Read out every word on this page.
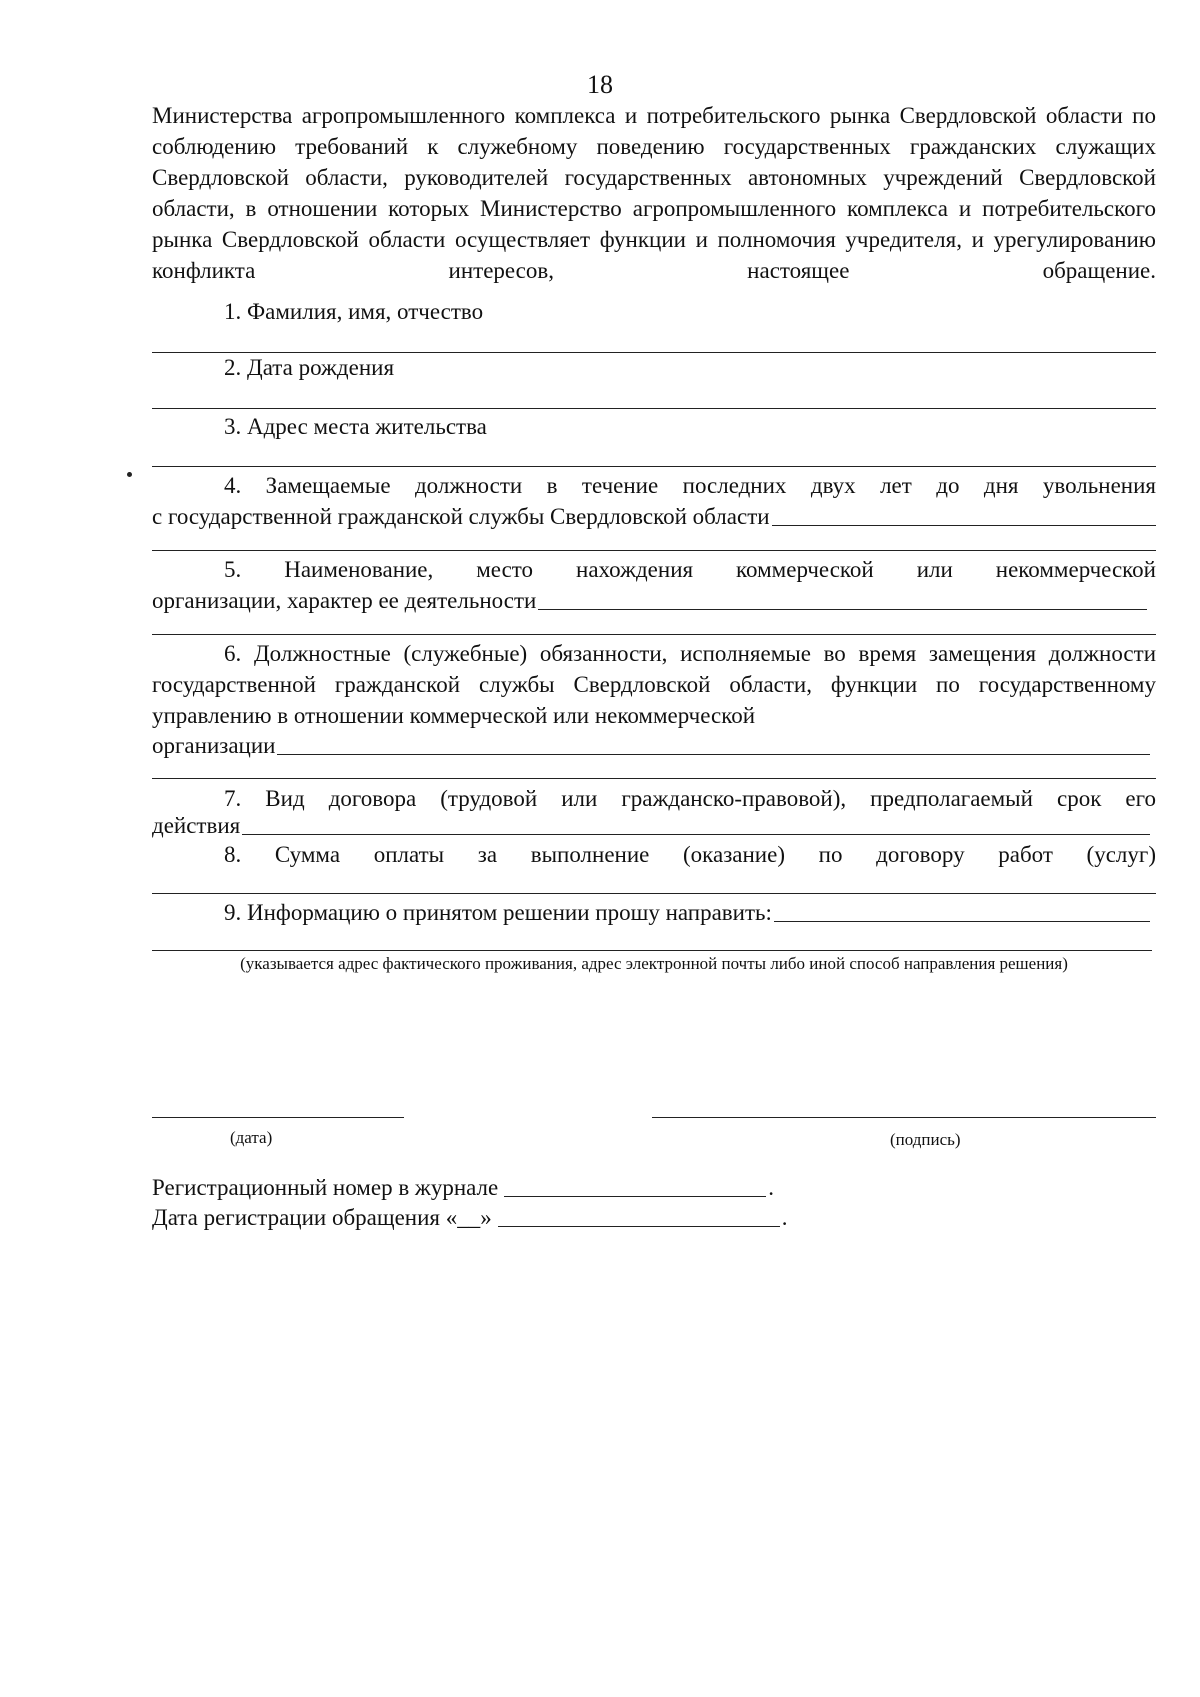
18
Министерства агропромышленного комплекса и потребительского рынка Свердловской области по соблюдению требований к служебному поведению государственных гражданских служащих Свердловской области, руководителей государственных автономных учреждений Свердловской области, в отношении которых Министерство агропромышленного комплекса и потребительского рынка Свердловской области осуществляет функции и полномочия учредителя, и урегулированию конфликта интересов, настоящее обращение.
1. Фамилия, имя, отчество
2. Дата рождения
3. Адрес места жительства
4. Замещаемые должности в течение последних двух лет до дня увольнения
с государственной гражданской службы Свердловской области
5. Наименование, место нахождения коммерческой или некоммерческой
организации, характер ее деятельности
6. Должностные (служебные) обязанности, исполняемые во время замещения должности государственной гражданской службы Свердловской области, функции по государственному управлению в отношении коммерческой или некоммерческой
организации
7. Вид договора (трудовой или гражданско-правовой), предполагаемый срок его
действия
8. Сумма оплаты за выполнение (оказание) по договору работ (услуг)
9. Информацию о принятом решении прошу направить:
(указывается адрес фактического проживания, адрес электронной почты либо иной способ направления решения)
(дата)	(подпись)
Регистрационный номер в журнале	.
Дата регистрации обращения «__»	.
